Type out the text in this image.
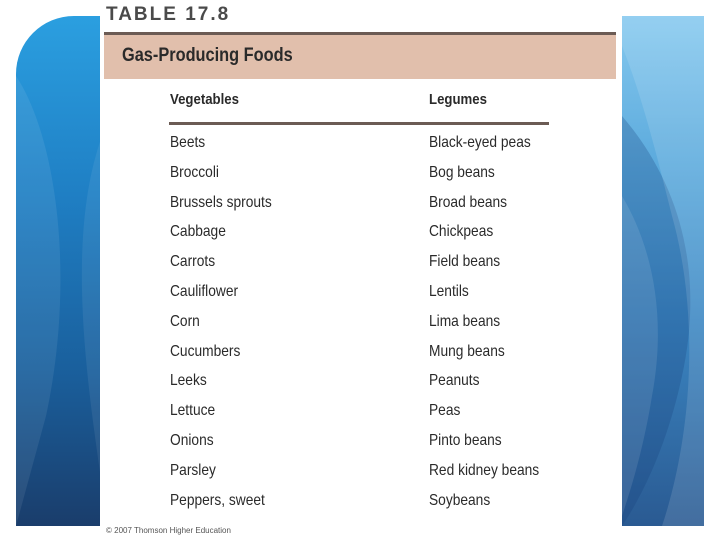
TABLE 17.8
Gas-Producing Foods
Vegetables	Legumes
Beets	Black-eyed peas
Broccoli	Bog beans
Brussels sprouts	Broad beans
Cabbage	Chickpeas
Carrots	Field beans
Cauliflower	Lentils
Corn	Lima beans
Cucumbers	Mung beans
Leeks	Peanuts
Lettuce	Peas
Onions	Pinto beans
Parsley	Red kidney beans
Peppers, sweet	Soybeans
© 2007 Thomson Higher Education
